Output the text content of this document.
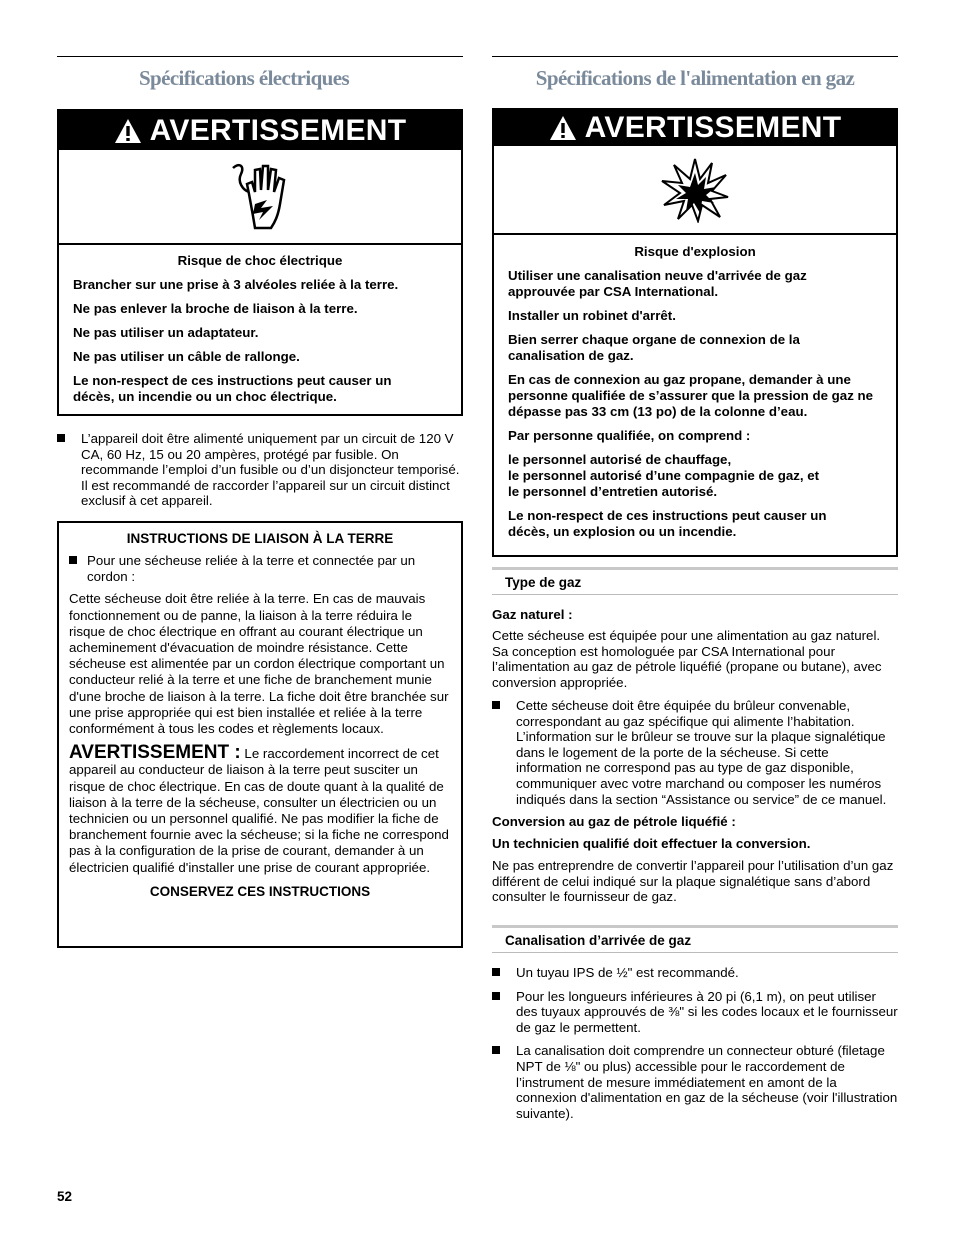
Spécifications électriques
AVERTISSEMENT

Risque de choc électrique

Brancher sur une prise à 3 alvéoles reliée à la terre.

Ne pas enlever la broche de liaison à la terre.

Ne pas utiliser un adaptateur.

Ne pas utiliser un câble de rallonge.

Le non-respect de ces instructions peut causer un décès, un incendie ou un choc électrique.

L’appareil doit être alimenté uniquement par un circuit de 120 V CA, 60 Hz, 15 ou 20 ampères, protégé par fusible. On recommande l’emploi d’un fusible ou d’un disjoncteur temporisé. Il est recommandé de raccorder l’appareil sur un circuit distinct exclusif à cet appareil.
INSTRUCTIONS DE LIAISON À LA TERRE
Pour une sécheuse reliée à la terre et connectée par un cordon :

Cette sécheuse doit être reliée à la terre. En cas de mauvais fonctionnement ou de panne, la liaison à la terre réduira le risque de choc électrique en offrant au courant électrique un acheminement d'évacuation de moindre résistance. Cette sécheuse est alimentée par un cordon électrique comportant un conducteur relié à la terre et une fiche de branchement munie d'une broche de liaison à la terre. La fiche doit être branchée sur une prise appropriée qui est bien installée et reliée à la terre conformément à tous les codes et règlements locaux.

AVERTISSEMENT : Le raccordement incorrect de cet appareil au conducteur de liaison à la terre peut susciter un risque de choc électrique. En cas de doute quant à la qualité de liaison à la terre de la sécheuse, consulter un électricien ou un technicien ou un personnel qualifié. Ne pas modifier la fiche de branchement fournie avec la sécheuse; si la fiche ne correspond pas à la configuration de la prise de courant, demander à un électricien qualifié d'installer une prise de courant appropriée.

CONSERVEZ CES INSTRUCTIONS
Spécifications de l'alimentation en gaz
AVERTISSEMENT

Risque d'explosion

Utiliser une canalisation neuve d'arrivée de gaz approuvée par CSA International.

Installer un robinet d'arrêt.

Bien serrer chaque organe de connexion de la canalisation de gaz.

En cas de connexion au gaz propane, demander à une personne qualifiée de s’assurer que la pression de gaz ne dépasse pas 33 cm (13 po) de la colonne d’eau.

Par personne qualifiée, on comprend :

le personnel autorisé de chauffage,

le personnel autorisé d’une compagnie de gaz, et

le personnel d’entretien autorisé.

Le non-respect de ces instructions peut causer un décès, un explosion ou un incendie.

Type de gaz

Gaz naturel :

Cette sécheuse est équipée pour une alimentation au gaz naturel. Sa conception est homologuée par CSA International pour l’alimentation au gaz de pétrole liquéfié (propane ou butane), avec conversion appropriée.

Cette sécheuse doit être équipée du brûleur convenable, correspondant au gaz spécifique qui alimente l’habitation. L’information sur le brûleur se trouve sur la plaque signalétique dans le logement de la porte de la sécheuse. Si cette information ne correspond pas au type de gaz disponible, communiquer avec votre marchand ou composer les numéros indiqués dans la section “Assistance ou service” de ce manuel.

Conversion au gaz de pétrole liquéfié :

Un technicien qualifié doit effectuer la conversion.

Ne pas entreprendre de convertir l’appareil pour l’utilisation d’un gaz différent de celui indiqué sur la plaque signalétique sans d’abord consulter le fournisseur de gaz.

Canalisation d’arrivée de gaz
Un tuyau IPS de ½" est recommandé.
Pour les longueurs inférieures à 20 pi (6,1 m), on peut utiliser des tuyaux approuvés de ⅜" si les codes locaux et le fournisseur de gaz le permettent.
La canalisation doit comprendre un connecteur obturé (filetage NPT de ⅛" ou plus) accessible pour le raccordement de l’instrument de mesure immédiatement en amont de la connexion d'alimentation en gaz de la sécheuse (voir l'illustration suivante).
52
